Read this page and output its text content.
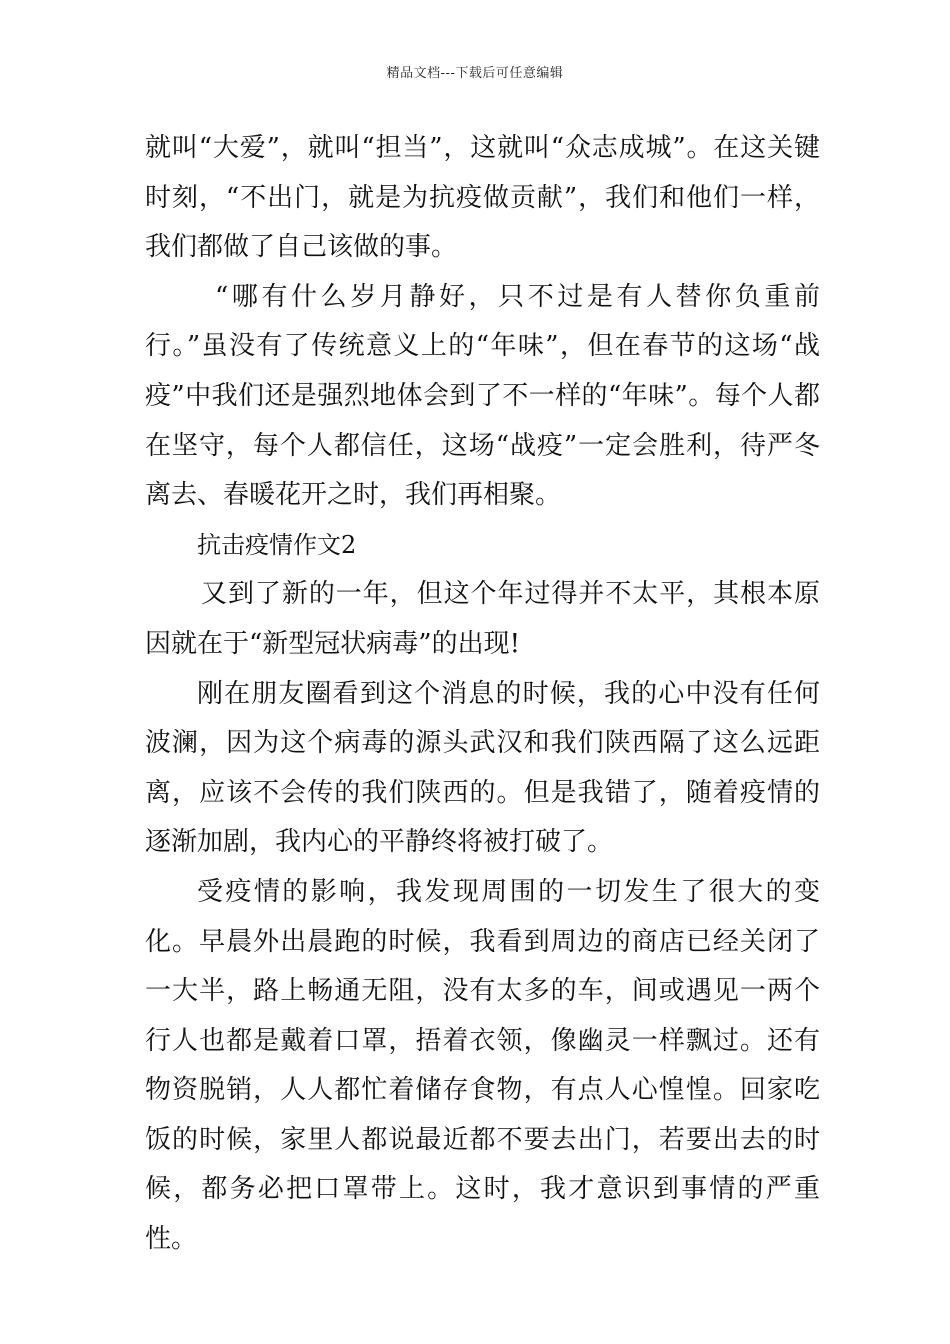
精品文档---下载后可任意编辑

就叫“大爱”，就叫“担当”，这就叫“众志成城”。在这关键时刻，“不出门，就是为抗疫做贡献”，我们和他们一样，我们都做了自己该做的事。

“哪有什么岁月静好，只不过是有人替你负重前行。”虽没有了传统意义上的“年味”，但在春节的这场“战疫”中我们还是强烈地体会到了不一样的“年味”。每个人都在坚守，每个人都信任，这场“战疫”一定会胜利，待严冬离去、春暖花开之时，我们再相聚。

抗击疫情作文2

又到了新的一年，但这个年过得并不太平，其根本原因就在于“新型冠状病毒”的出现!

刚在朋友圈看到这个消息的时候，我的心中没有任何波澜，因为这个病毒的源头武汉和我们陕西隔了这么远距离，应该不会传的我们陕西的。但是我错了，随着疫情的逐渐加剧，我内心的平静终将被打破了。

受疫情的影响，我发现周围的一切发生了很大的变化。早晨外出晨跑的时候，我看到周边的商店已经关闭了一大半，路上畅通无阻，没有太多的车，间或遇见一两个行人也都是戴着口罩，捂着衣领，像幽灵一样飘过。还有物资脱销，人人都忙着储存食物，有点人心惶惶。回家吃饭的时候，家里人都说最近都不要去出门，若要出去的时候，都务必把口罩带上。这时，我才意识到事情的严重性。
